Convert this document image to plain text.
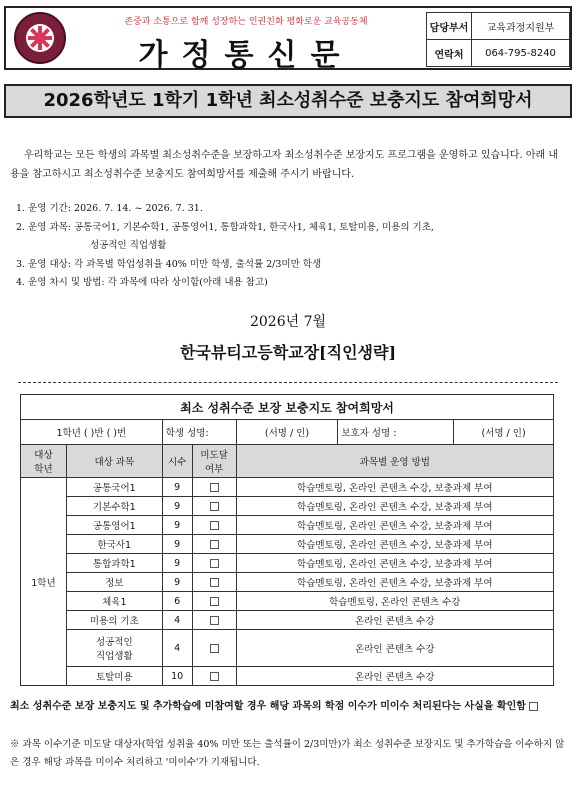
존중과 소통으로 함께 성장하는 인권친화 평화로운 교육공동체
가정통신문
담당부서	교육과정지원부
연락처	064-795-8240
2026학년도 1학기 1학년 최소성취수준 보충지도 참여희망서
우리학교는 모든 학생의 과목별 최소성취수준을 보장하고자 최소성취수준 보장지도 프로그램을 운영하고 있습니다. 아래 내용을 참고하시고 최소성취수준 보충지도 참여희망서를 제출해 주시기 바랍니다.
1. 운영 기간: 2026. 7. 14. ~ 2026. 7. 31.
2. 운영 과목: 공통국어1, 기본수학1, 공통영어1, 통합과학1, 한국사1, 체육1, 토탈미용, 미용의 기초,
성공적인 직업생활
3. 운영 대상: 각 과목별 학업성취율 40% 미만 학생, 출석률 2/3미만 학생
4. 운영 차시 및 방법: 각 과목에 따라 상이함(아래 내용 참고)
2026년 7월
한국뷰티고등학교장[직인생략]
최소 성취수준 보장 보충지도 참여희망서						
1학년 ( )반 ( )번		학생 성명:		(서명 / 인)	보호자 성명 :	(서명 / 인)
대상
학년	대상 과목	시수	미도달
여부	과목별 운영 방법		
1학년	공통국어1	9		학습멘토링, 온라인 콘텐츠 수강, 보충과제 부여		
	기본수학1	9		학습멘토링, 온라인 콘텐츠 수강, 보충과제 부여		
	공통영어1	9		학습멘토링, 온라인 콘텐츠 수강, 보충과제 부여		
	한국사1	9		학습멘토링, 온라인 콘텐츠 수강, 보충과제 부여		
	통합과학1	9		학습멘토링, 온라인 콘텐츠 수강, 보충과제 부여		
	정보	9		학습멘토링, 온라인 콘텐츠 수강, 보충과제 부여		
	체육1	6		학습멘토링, 온라인 콘텐츠 수강		
	미용의 기초	4		온라인 콘텐츠 수강		
	성공적인
직업생활	4		온라인 콘텐츠 수강		
	토탈미용	10		온라인 콘텐츠 수강		
최소 성취수준 보장 보충지도 및 추가학습에 미참여할 경우 해당 과목의 학점 이수가 미이수 처리된다는 사실을 확인함
※ 과목 이수기준 미도달 대상자(학업 성취율 40% 미만 또는 출석률이 2/3미만)가 최소 성취수준 보장지도 및 추가학습을 이수하지 않은 경우 해당 과목을 미이수 처리하고 '미이수'가 기재됩니다.
